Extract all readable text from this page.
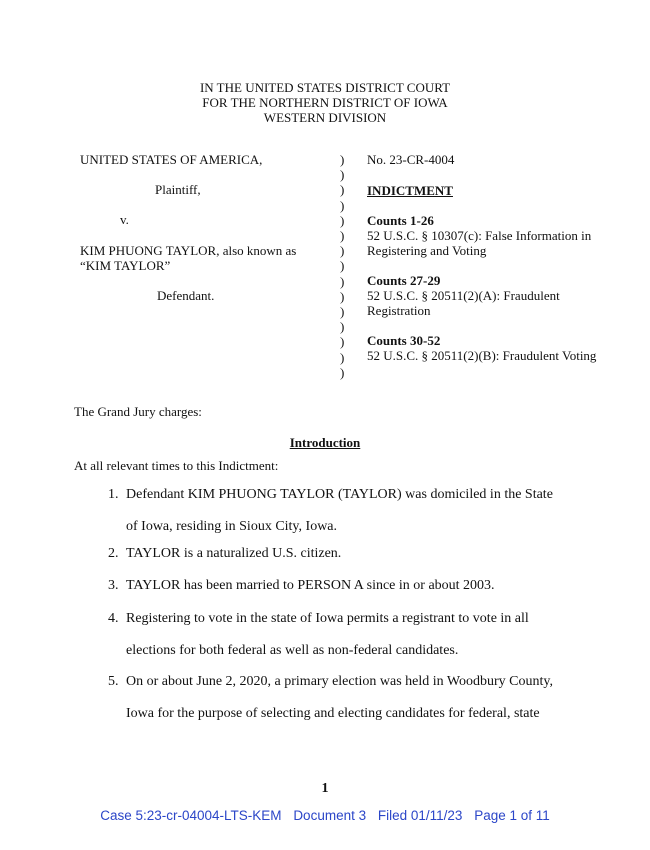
IN THE UNITED STATES DISTRICT COURT
FOR THE NORTHERN DISTRICT OF IOWA
WESTERN DIVISION
UNITED STATES OF AMERICA,
Plaintiff,
v.
KIM PHUONG TAYLOR, also known as
“KIM TAYLOR”
Defendant.
)
)
)
)
)
)
)
)
)
)
)
)
)
)
)
No. 23-CR-4004
INDICTMENT
Counts 1-26
52 U.S.C. § 10307(c): False Information in
Registering and Voting
Counts 27-29
52 U.S.C. § 20511(2)(A): Fraudulent
Registration
Counts 30-52
52 U.S.C. § 20511(2)(B): Fraudulent Voting
The Grand Jury charges:
Introduction
At all relevant times to this Indictment:
1. Defendant KIM PHUONG TAYLOR (TAYLOR) was domiciled in the State
of Iowa, residing in Sioux City, Iowa.
2. TAYLOR is a naturalized U.S. citizen.
3. TAYLOR has been married to PERSON A since in or about 2003.
4. Registering to vote in the state of Iowa permits a registrant to vote in all
elections for both federal as well as non-federal candidates.
5. On or about June 2, 2020, a primary election was held in Woodbury County,
Iowa for the purpose of selecting and electing candidates for federal, state
1
Case 5:23-cr-04004-LTS-KEM Document 3 Filed 01/11/23 Page 1 of 11
